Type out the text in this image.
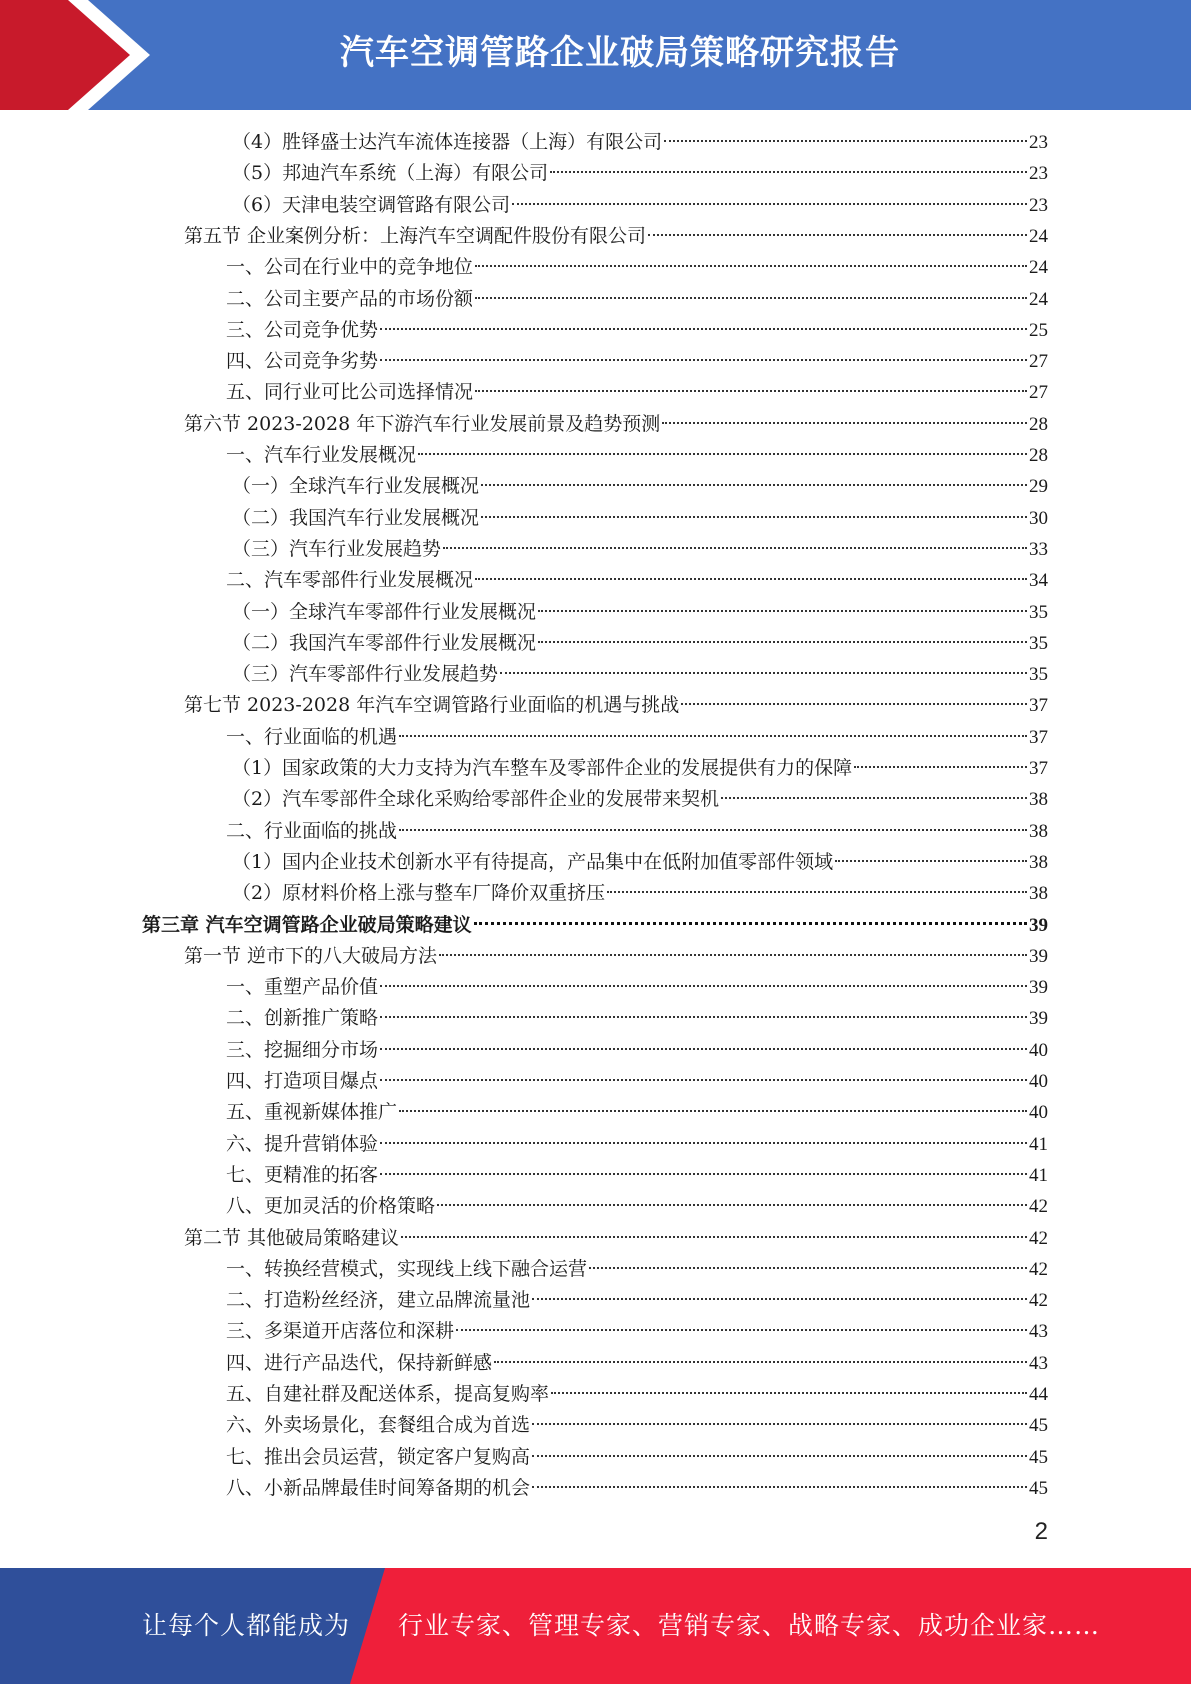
汽车空调管路企业破局策略研究报告
（4）胜铎盛士达汽车流体连接器（上海）有限公司	23
（5）邦迪汽车系统（上海）有限公司	23
（6）天津电装空调管路有限公司	23
第五节 企业案例分析：上海汽车空调配件股份有限公司	24
一、公司在行业中的竞争地位	24
二、公司主要产品的市场份额	24
三、公司竞争优势	25
四、公司竞争劣势	27
五、同行业可比公司选择情况	27
第六节 2023-2028 年下游汽车行业发展前景及趋势预测	28
一、汽车行业发展概况	28
（一）全球汽车行业发展概况	29
（二）我国汽车行业发展概况	30
（三）汽车行业发展趋势	33
二、汽车零部件行业发展概况	34
（一）全球汽车零部件行业发展概况	35
（二）我国汽车零部件行业发展概况	35
（三）汽车零部件行业发展趋势	35
第七节 2023-2028 年汽车空调管路行业面临的机遇与挑战	37
一、行业面临的机遇	37
（1）国家政策的大力支持为汽车整车及零部件企业的发展提供有力的保障	37
（2）汽车零部件全球化采购给零部件企业的发展带来契机	38
二、行业面临的挑战	38
（1）国内企业技术创新水平有待提高，产品集中在低附加值零部件领域	38
（2）原材料价格上涨与整车厂降价双重挤压	38
第三章 汽车空调管路企业破局策略建议	39
第一节 逆市下的八大破局方法	39
一、重塑产品价值	39
二、创新推广策略	39
三、挖掘细分市场	40
四、打造项目爆点	40
五、重视新媒体推广	40
六、提升营销体验	41
七、更精准的拓客	41
八、更加灵活的价格策略	42
第二节 其他破局策略建议	42
一、转换经营模式，实现线上线下融合运营	42
二、打造粉丝经济，建立品牌流量池	42
三、多渠道开店落位和深耕	43
四、进行产品迭代，保持新鲜感	43
五、自建社群及配送体系，提高复购率	44
六、外卖场景化，套餐组合成为首选	45
七、推出会员运营，锁定客户复购高	45
八、小新品牌最佳时间筹备期的机会	45
2
让每个人都能成为 行业专家、管理专家、营销专家、战略专家、成功企业家……
